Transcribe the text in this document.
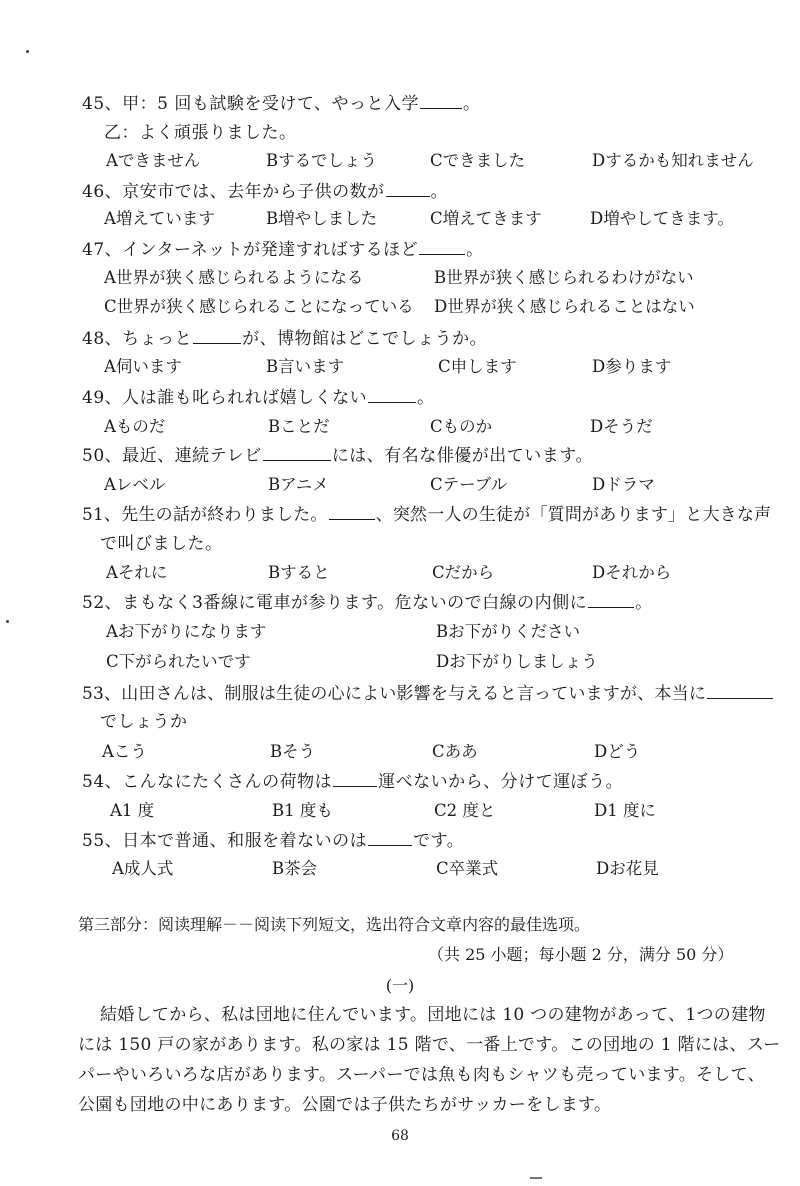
45、甲：5 回も試験を受けて、やっと入学	。
乙：よく頑張りました。
Aできません	Bするでしょう	Cできました	Dするかも知れません
46、京安市では、去年から子供の数が	。
A増えています	B増やしました	C増えてきます	D増やしてきます。
47、インターネットが発達すればするほど	。
A世界が狭く感じられるようになる	B世界が狭く感じられるわけがない
C世界が狭く感じられることになっている D世界が狭く感じられることはない
48、ちょっと	が、博物館はどこでしょうか。
A伺います	B言います	C申します	D参ります
49、人は誰も叱られれば嬉しくない	。
Aものだ	Bことだ	Cものか	Dそうだ
50、最近、連続テレビ	には、有名な俳優が出ています。
Aレベル	Bアニメ	Cテーブル	Dドラマ
51、先生の話が終わりました。	、突然一人の生徒が「質問があります」と大きな声
で叫びました。
Aそれに	Bすると	Cだから	Dそれから
52、まもなく3番線に電車が参ります。危ないので白線の内側に	。
Aお下がりになります	Bお下がりください
C下がられたいです	Dお下がりしましょう
53、山田さんは、制服は生徒の心によい影響を与えると言っていますが、本当に
でしょうか
Aこう	Bそう	Cああ	Dどう
54、こんなにたくさんの荷物は	運べないから、分けて運ぼう。
A1 度	B1 度も	C2 度と	D1 度に
55、日本で普通、和服を着ないのは	です。
A成人式	B茶会	C卒業式	Dお花見
第三部分：阅读理解－－阅读下列短文，选出符合文章内容的最佳选项。
（共 25 小题；每小题 2 分，满分 50 分）
(一)
結婚してから、私は団地に住んでいます。団地には 10 つの建物があって、1つの建物
には 150 戸の家があります。私の家は 15 階で、一番上です。この団地の 1 階には、スー
パーやいろいろな店があります。スーパーでは魚も肉もシャツも売っています。そして、
公園も団地の中にあります。公園では子供たちがサッカーをします。
68
